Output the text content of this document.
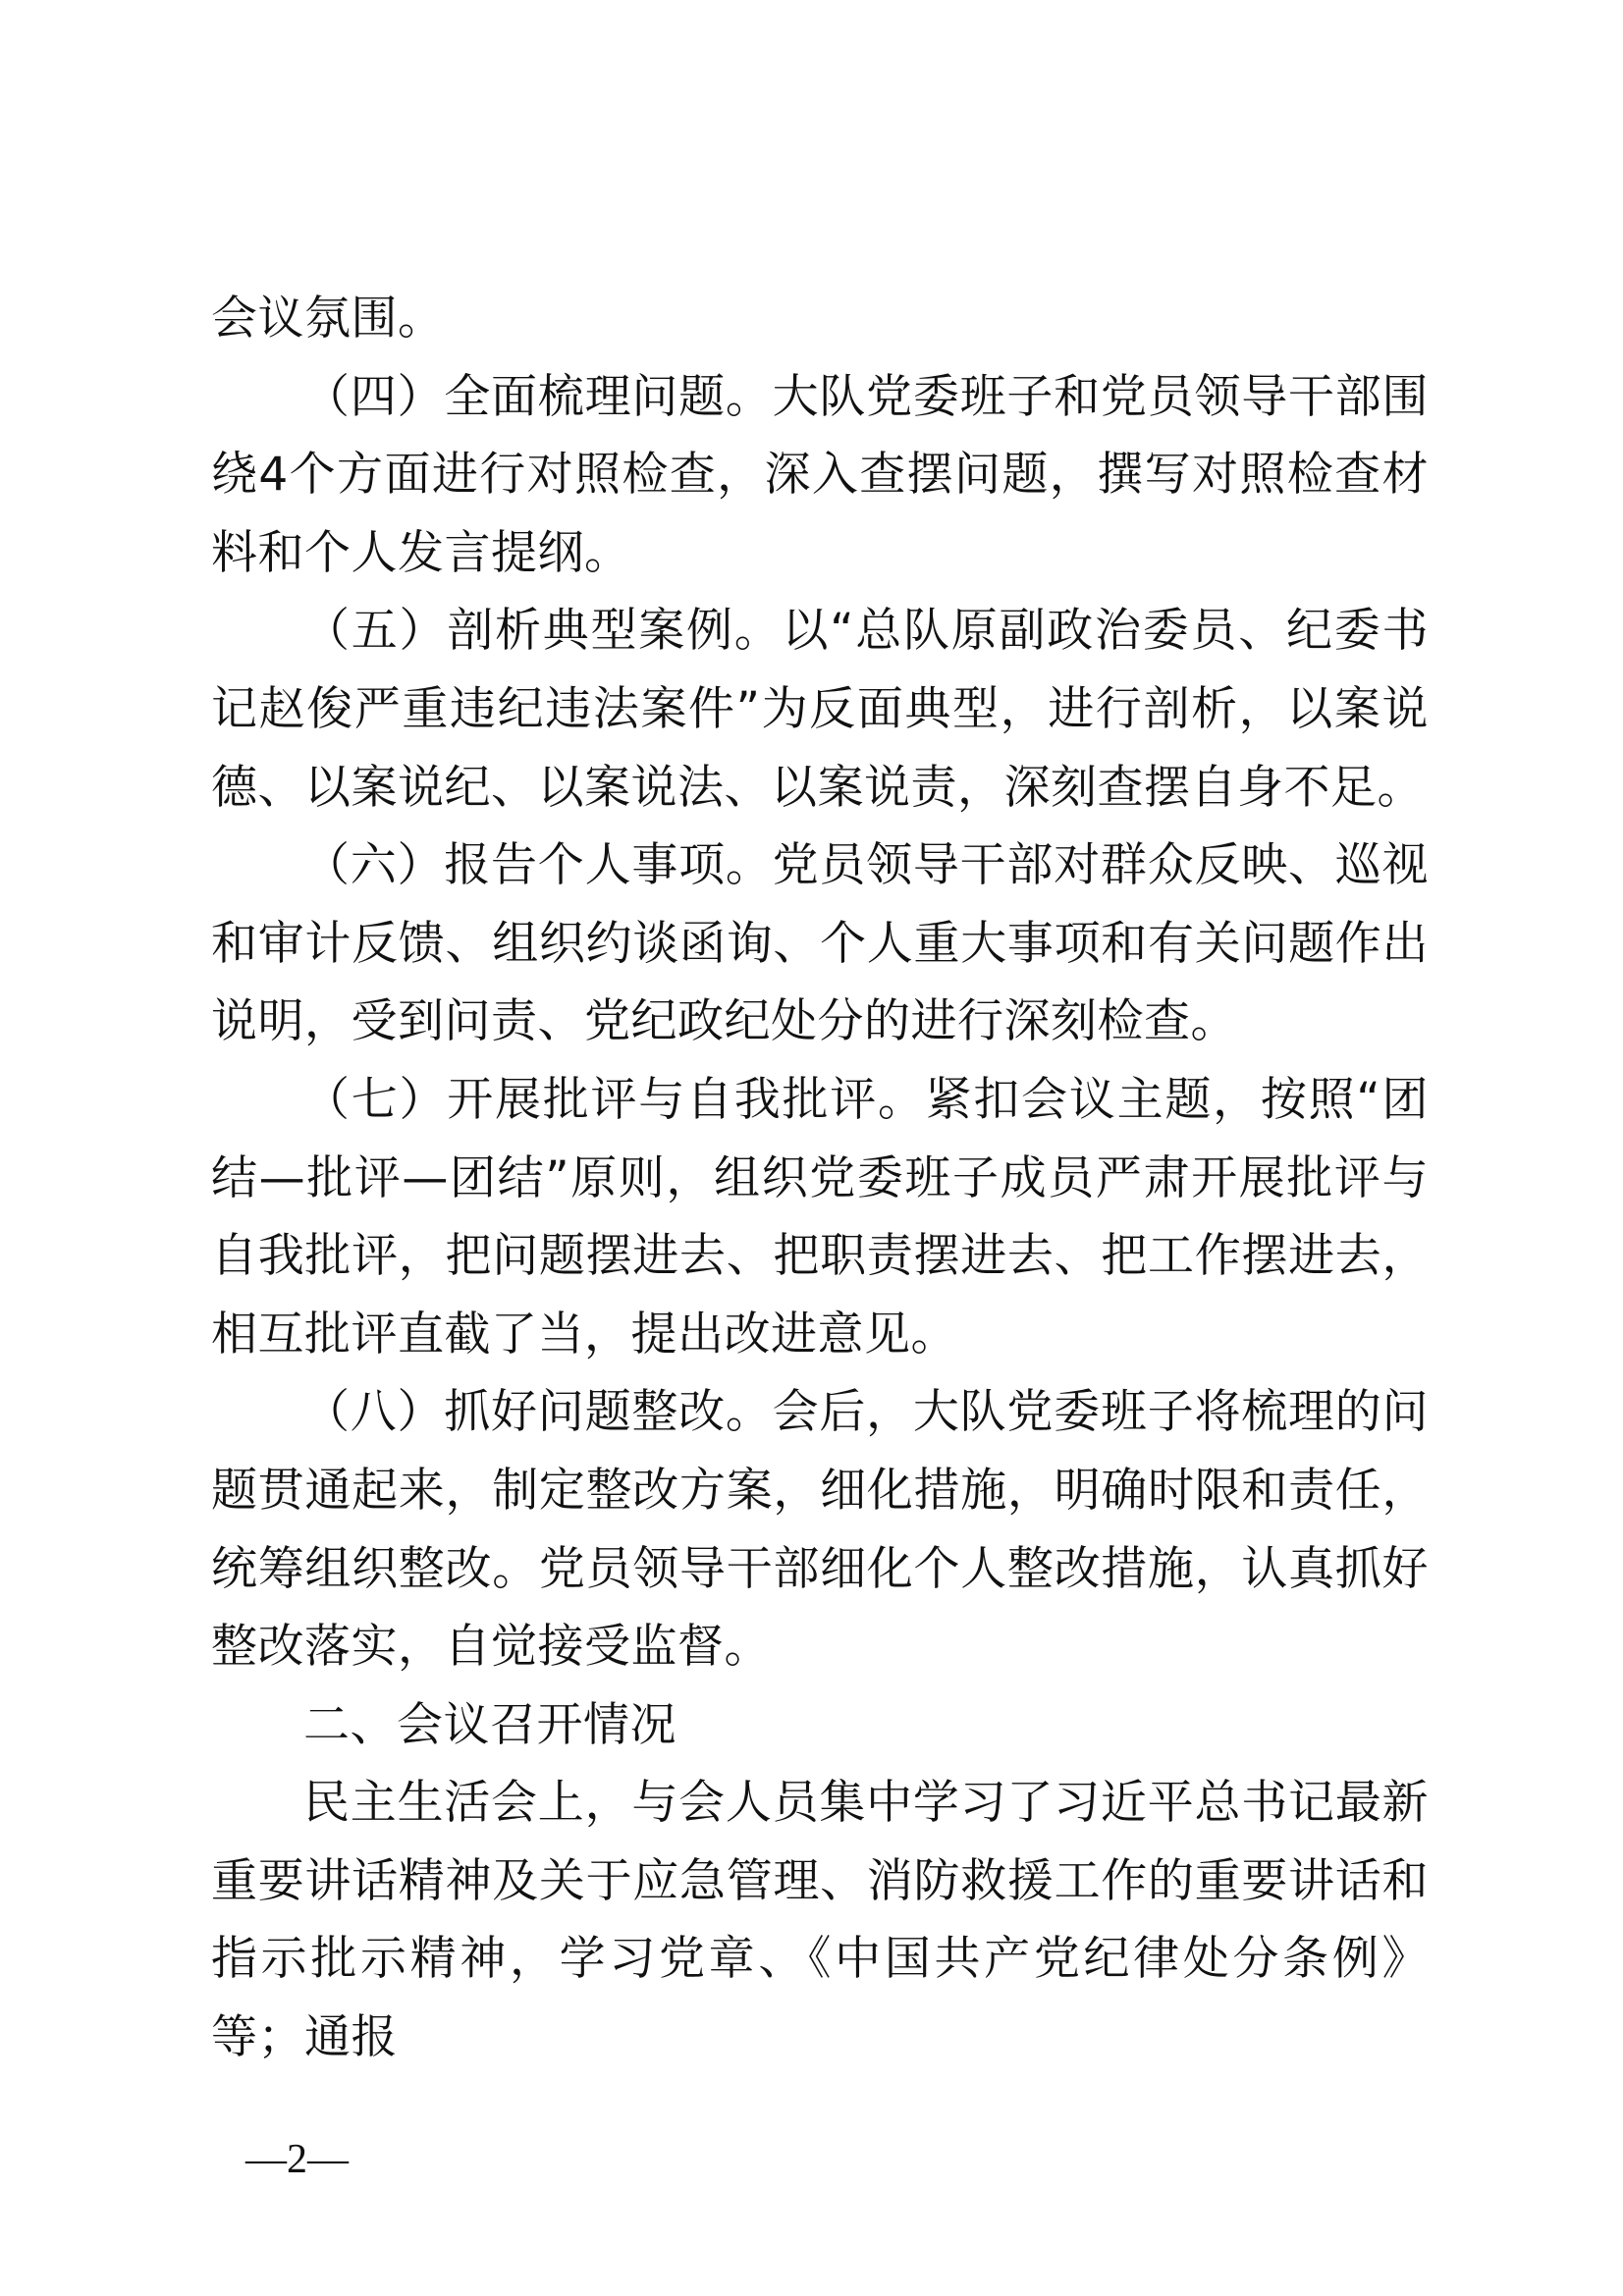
会议氛围。

（四）全面梳理问题。大队党委班子和党员领导干部围绕4个方面进行对照检查，深入查摆问题，撰写对照检查材料和个人发言提纲。

（五）剖析典型案例。以“总队原副政治委员、纪委书记赵俊严重违纪违法案件”为反面典型，进行剖析，以案说德、以案说纪、以案说法、以案说责，深刻查摆自身不足。

（六）报告个人事项。党员领导干部对群众反映、巡视和审计反馈、组织约谈函询、个人重大事项和有关问题作出说明，受到问责、党纪政纪处分的进行深刻检查。

（七）开展批评与自我批评。紧扣会议主题，按照“团结—批评—团结”原则，组织党委班子成员严肃开展批评与自我批评，把问题摆进去、把职责摆进去、把工作摆进去，相互批评直截了当，提出改进意见。

（八）抓好问题整改。会后，大队党委班子将梳理的问题贯通起来，制定整改方案，细化措施，明确时限和责任，统筹组织整改。党员领导干部细化个人整改措施，认真抓好整改落实，自觉接受监督。

二、会议召开情况

民主生活会上，与会人员集中学习了习近平总书记最新重要讲话精神及关于应急管理、消防救援工作的重要讲话和指示批示精神，学习党章、《中国共产党纪律处分条例》等；通报

—2—
